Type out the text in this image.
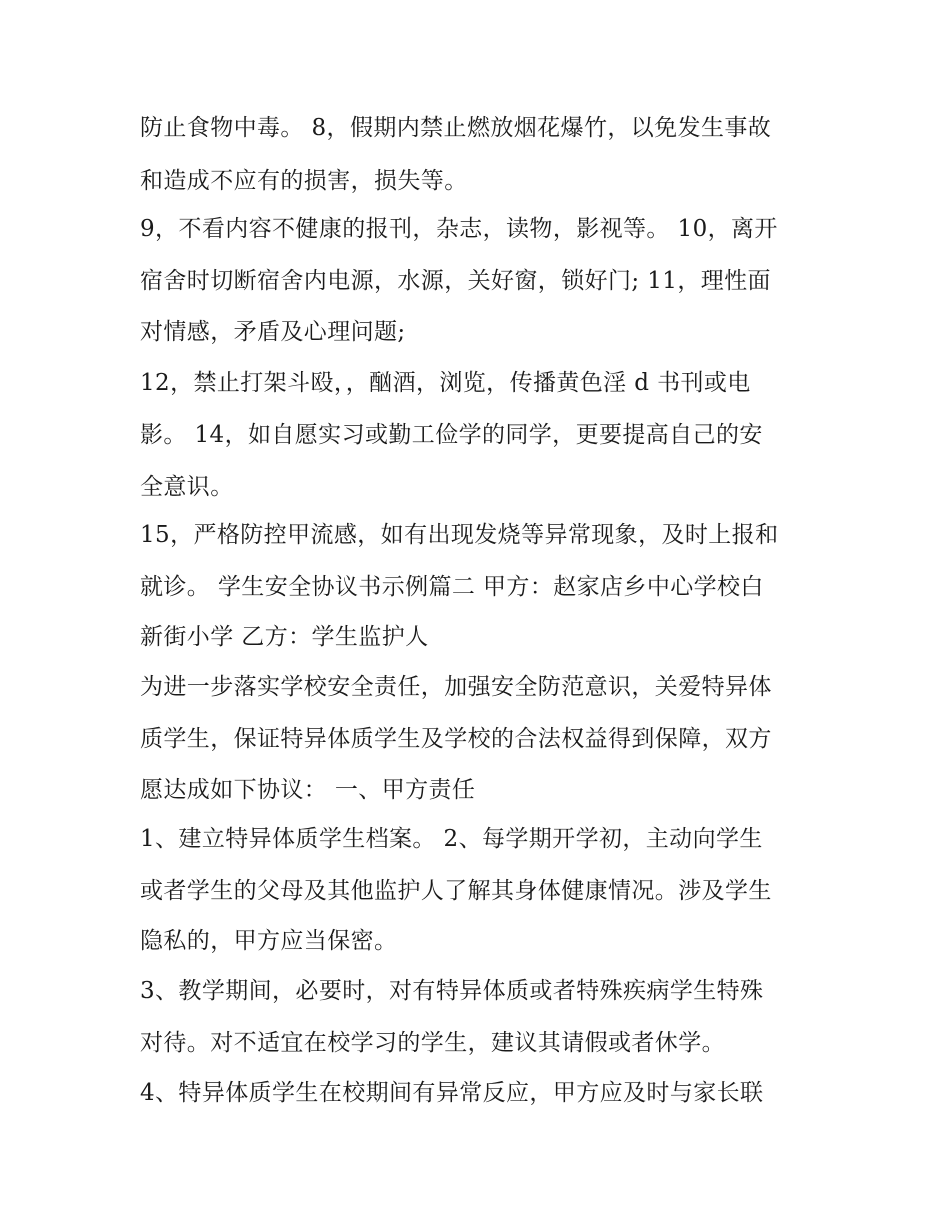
防止食物中毒。 8，假期内禁止燃放烟花爆竹，以免发生事故
和造成不应有的损害，损失等。
9，不看内容不健康的报刊，杂志，读物，影视等。 10，离开
宿舍时切断宿舍内电源，水源，关好窗，锁好门; 11，理性面
对情感，矛盾及心理问题;
12，禁止打架斗殴，，酗酒，浏览，传播黄色淫 d 书刊或电
影。 14，如自愿实习或勤工俭学的同学，更要提高自己的安
全意识。
15，严格防控甲流感，如有出现发烧等异常现象，及时上报和
就诊。 学生安全协议书示例篇二 甲方：赵家店乡中心学校白
新街小学 乙方：学生监护人
为进一步落实学校安全责任，加强安全防范意识，关爱特异体
质学生，保证特异体质学生及学校的合法权益得到保障，双方
愿达成如下协议： 一、甲方责任
1、建立特异体质学生档案。 2、每学期开学初，主动向学生
或者学生的父母及其他监护人了解其身体健康情况。涉及学生
隐私的，甲方应当保密。
3、教学期间，必要时，对有特异体质或者特殊疾病学生特殊
对待。对不适宜在校学习的学生，建议其请假或者休学。
4、特异体质学生在校期间有异常反应，甲方应及时与家长联
